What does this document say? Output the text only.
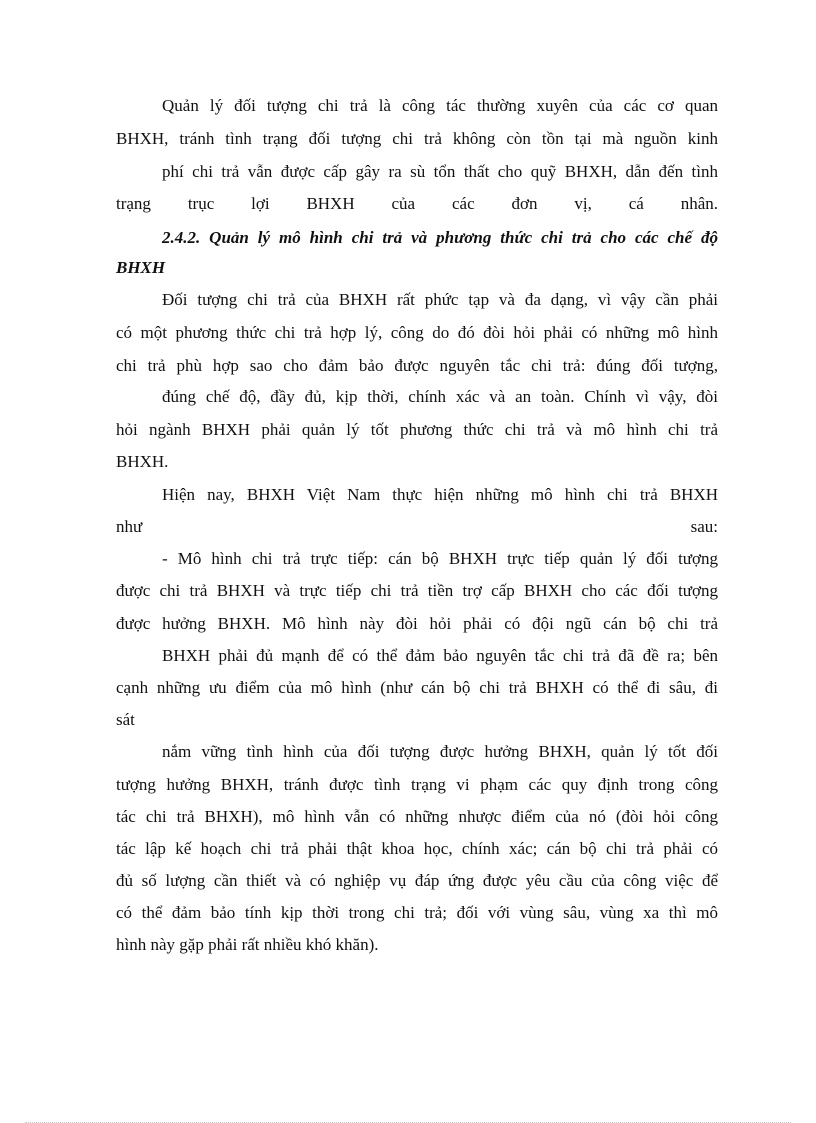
Quản lý đối tượng chi trả là công tác thường xuyên của các cơ quan
BHXH, tránh tình trạng đối tượng chi trả không còn tồn tại mà nguồn kinh
phí chi trả vẫn được cấp gây ra sù tổn thất cho quỹ BHXH, dẫn đến tình
trạng trục lợi BHXH của các đơn vị, cá nhân.
2.4.2. Quản lý mô hình chi trả và phương thức chi trả cho các chế độ
BHXH
Đối tượng chi trả của BHXH rất phức tạp và đa dạng, vì vậy cần phải
có một phương thức chi trả hợp lý, công do đó đòi hỏi phải có những mô hình
chi trả phù hợp sao cho đảm bảo được nguyên tắc chi trả: đúng đối tượng,
đúng chế độ, đầy đủ, kịp thời, chính xác và an toàn. Chính vì vậy, đòi
hỏi ngành BHXH phải quản lý tốt phương thức chi trả và mô hình chi trả
BHXH.
Hiện nay, BHXH Việt Nam thực hiện những mô hình chi trả BHXH
như sau:
- Mô hình chi trả trực tiếp: cán bộ BHXH trực tiếp quản lý đối tượng
được chi trả BHXH và trực tiếp chi trả tiền trợ cấp BHXH cho các đối tượng
được hưởng BHXH. Mô hình này đòi hỏi phải có đội ngũ cán bộ chi trả
BHXH phải đủ mạnh để có thể đảm bảo nguyên tắc chi trả đã đề ra; bên
cạnh những ưu điểm của mô hình (như cán bộ chi trả BHXH có thể đi sâu, đi
sát
nắm vững tình hình của đối tượng được hưởng BHXH, quản lý tốt đối
tượng hưởng BHXH, tránh được tình trạng vi phạm các quy định trong công
tác chi trả BHXH), mô hình vẫn có những nhược điểm của nó (đòi hỏi công
tác lập kế hoạch chi trả phải thật khoa học, chính xác; cán bộ chi trả phải có
đủ số lượng cần thiết và có nghiệp vụ đáp ứng được yêu cầu của công việc để
có thể đảm bảo tính kịp thời trong chi trả; đối với vùng sâu, vùng xa thì mô
hình này gặp phải rất nhiều khó khăn).
